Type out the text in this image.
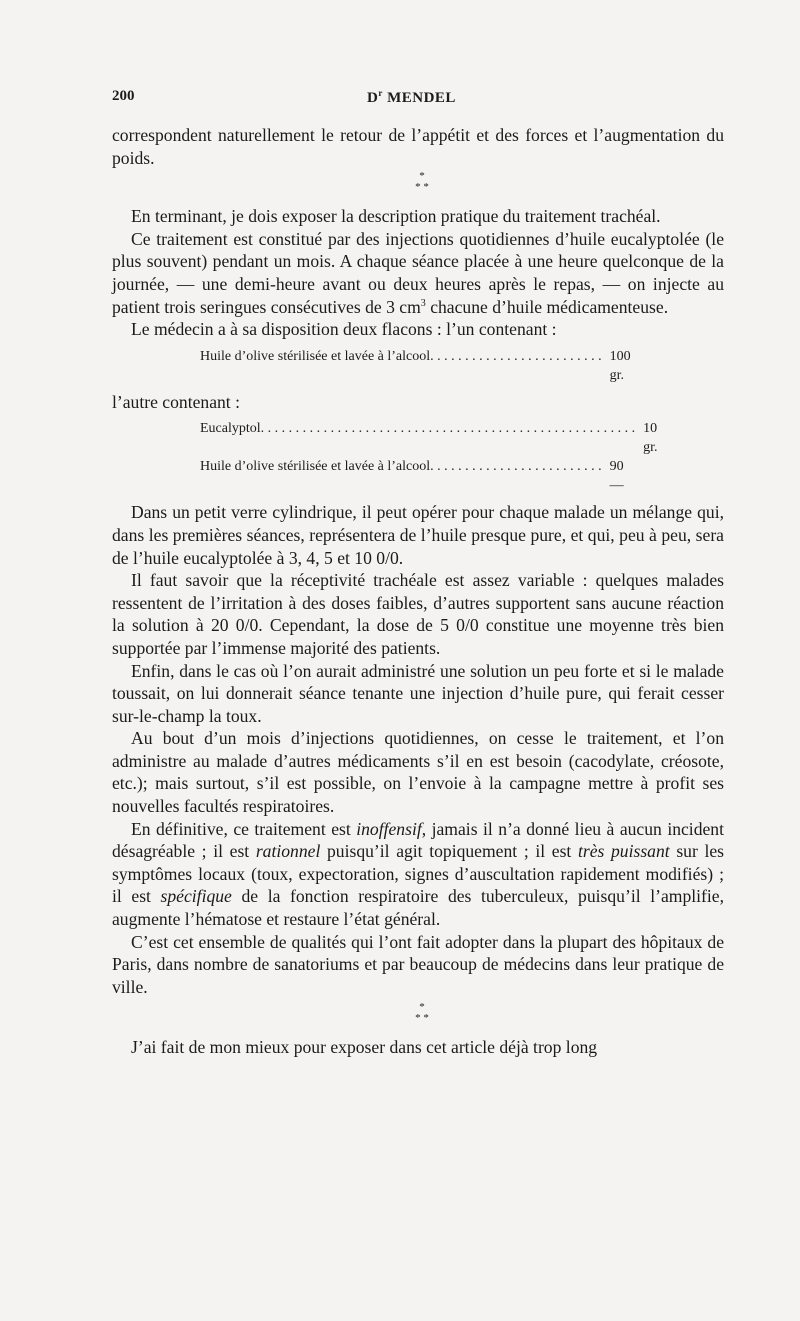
200	$D^r$ MENDEL

correspondent naturellement le retour de l’appétit et des forces et l’augmentation du poids.

*
* *

En terminant, je dois exposer la description pratique du traitement trachéal.

Ce traitement est constitué par des injections quotidiennes d’huile eucalyptolée (le plus souvent) pendant un mois. A chaque séance placée à une heure quelconque de la journée, — une demi-heure avant ou deux heures après le repas, — on injecte au patient trois seringues consécutives de 3 $cm^3$ chacune d’huile médicamenteuse.

Le médecin a à sa disposition deux flacons : l’un contenant :

Huile d’olive stérilisée et lavée à l’alcool. . . . . . . . . . . . . . . . . . . . . . . . . 100 gr.

l’autre contenant :

Eucalyptol. . . . . . . . . . . . . . . . . . . . . . . . . . . . . . . . . . . . . . . . . . . . . . . . . . . . . . 10 gr.
Huile d’olive stérilisée et lavée à l’alcool. . . . . . . . . . . . . . . . . . . . . . . . . 90 —

Dans un petit verre cylindrique, il peut opérer pour chaque malade un mélange qui, dans les premières séances, représentera de l’huile presque pure, et qui, peu à peu, sera de l’huile eucalyptolée à 3, 4, 5 et 10 0/0.

Il faut savoir que la réceptivité trachéale est assez variable : quelques malades ressentent de l’irritation à des doses faibles, d’autres supportent sans aucune réaction la solution à 20 0/0. Cependant, la dose de 5 0/0 constitue une moyenne très bien supportée par l’immense majorité des patients.

Enfin, dans le cas où l’on aurait administré une solution un peu forte et si le malade toussait, on lui donnerait séance tenante une injection d’huile pure, qui ferait cesser sur-le-champ la toux.

Au bout d’un mois d’injections quotidiennes, on cesse le traitement, et l’on administre au malade d’autres médicaments s’il en est besoin (cacodylate, créosote, etc.); mais surtout, s’il est possible, on l’envoie à la campagne mettre à profit ses nouvelles facultés respiratoires.

En définitive, ce traitement est inoffensif, jamais il n’a donné lieu à aucun incident désagréable ; il est rationnel puisqu’il agit topiquement ; il est très puissant sur les symptômes locaux (toux, expectoration, signes d’auscultation rapidement modifiés) ; il est spécifique de la fonction respiratoire des tuberculeux, puisqu’il l’amplifie, augmente l’hématose et restaure l’état général.

C’est cet ensemble de qualités qui l’ont fait adopter dans la plupart des hôpitaux de Paris, dans nombre de sanatoriums et par beaucoup de médecins dans leur pratique de ville.

*
* *

J’ai fait de mon mieux pour exposer dans cet article déjà trop long
